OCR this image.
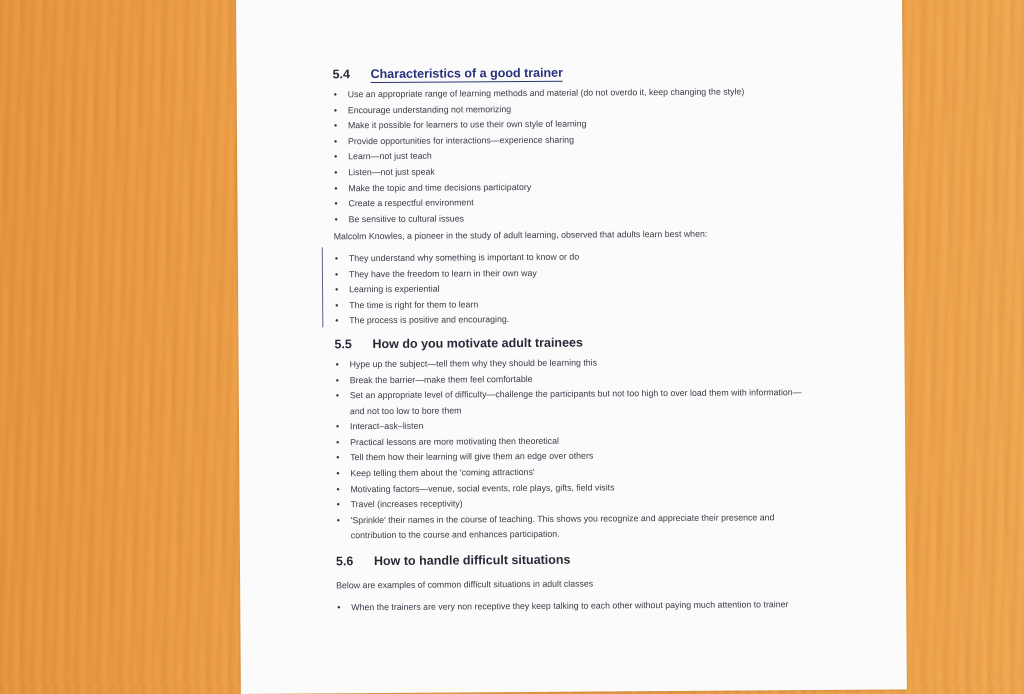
5.4 Characteristics of a good trainer
• Use an appropriate range of learning methods and material (do not overdo it, keep changing the style)
• Encourage understanding not memorizing
• Make it possible for learners to use their own style of learning
• Provide opportunities for interactions—experience sharing
• Learn—not just teach
• Listen—not just speak
• Make the topic and time decisions participatory
• Create a respectful environment
• Be sensitive to cultural issues

Malcolm Knowles, a pioneer in the study of adult learning, observed that adults learn best when:

• They understand why something is important to know or do
• They have the freedom to learn in their own way
• Learning is experiential
• The time is right for them to learn
• The process is positive and encouraging.
5.5 How do you motivate adult trainees
• Hype up the subject—tell them why they should be learning this
• Break the barrier—make them feel comfortable
• Set an appropriate level of difficulty—challenge the participants but not too high to over load them with information—and not too low to bore them
• Interact–ask–listen
• Practical lessons are more motivating then theoretical
• Tell them how their learning will give them an edge over others
• Keep telling them about the 'coming attractions'
• Motivating factors—venue, social events, role plays, gifts, field visits
• Travel (increases receptivity)
• 'Sprinkle' their names in the course of teaching. This shows you recognize and appreciate their presence and contribution to the course and enhances participation.
5.6 How to handle difficult situations

Below are examples of common difficult situations in adult classes

• When the trainers are very non receptive they keep talking to each other without paying much attention to trainer
